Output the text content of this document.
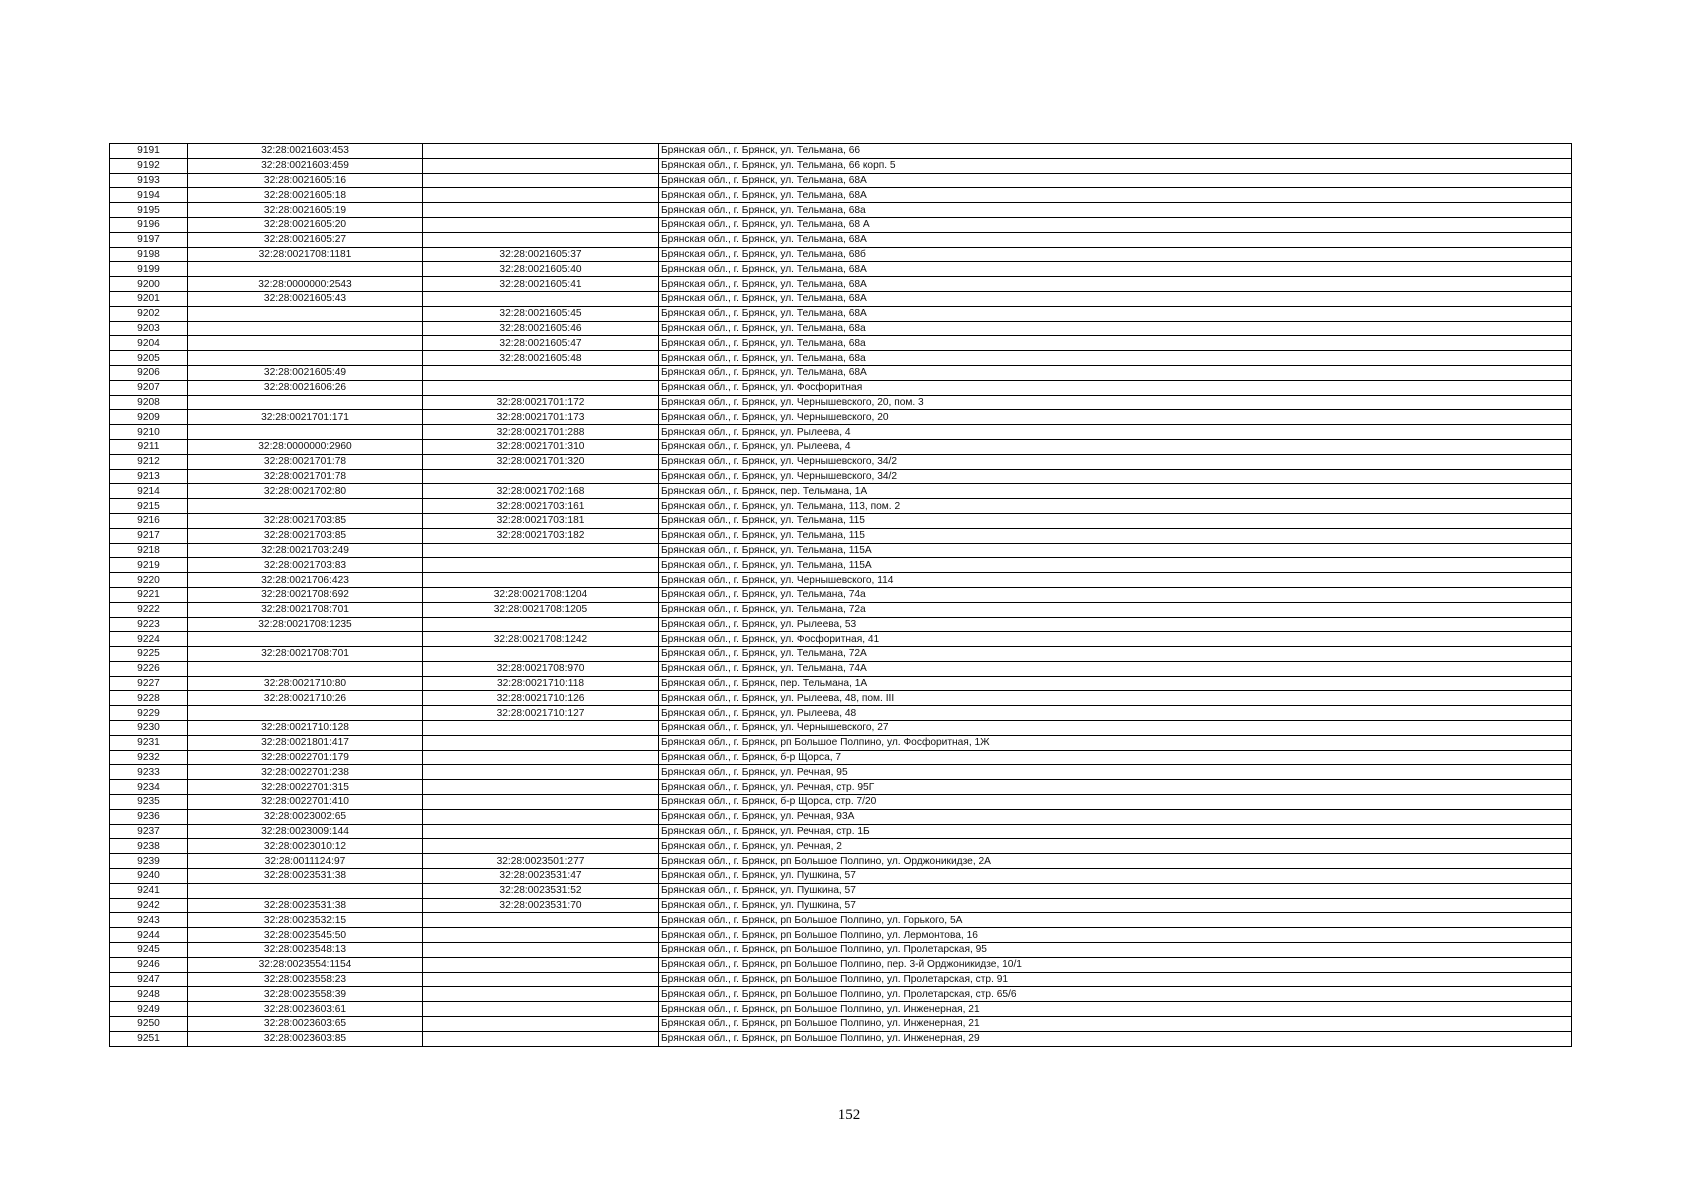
9191	32:28:0021603:453		Брянская обл., г. Брянск, ул. Тельмана, 66
9192	32:28:0021603:459		Брянская обл., г. Брянск, ул. Тельмана, 66 корп. 5
9193	32:28:0021605:16		Брянская обл., г. Брянск, ул. Тельмана, 68А
9194	32:28:0021605:18		Брянская обл., г. Брянск, ул. Тельмана, 68А
9195	32:28:0021605:19		Брянская обл., г. Брянск, ул. Тельмана, 68а
9196	32:28:0021605:20		Брянская обл., г. Брянск, ул. Тельмана, 68 А
9197	32:28:0021605:27		Брянская обл., г. Брянск, ул. Тельмана, 68А
9198	32:28:0021708:1181	32:28:0021605:37	Брянская обл., г. Брянск, ул. Тельмана, 68б
9199		32:28:0021605:40	Брянская обл., г. Брянск, ул. Тельмана, 68А
9200	32:28:0000000:2543	32:28:0021605:41	Брянская обл., г. Брянск, ул. Тельмана, 68А
9201	32:28:0021605:43		Брянская обл., г. Брянск, ул. Тельмана, 68А
9202		32:28:0021605:45	Брянская обл., г. Брянск, ул. Тельмана, 68А
9203		32:28:0021605:46	Брянская обл., г. Брянск, ул. Тельмана, 68а
9204		32:28:0021605:47	Брянская обл., г. Брянск, ул. Тельмана, 68а
9205		32:28:0021605:48	Брянская обл., г. Брянск, ул. Тельмана, 68а
9206	32:28:0021605:49		Брянская обл., г. Брянск, ул. Тельмана, 68А
9207	32:28:0021606:26		Брянская обл., г. Брянск, ул. Фосфоритная
9208		32:28:0021701:172	Брянская обл., г. Брянск, ул. Чернышевского, 20, пом. 3
9209	32:28:0021701:171	32:28:0021701:173	Брянская обл., г. Брянск, ул. Чернышевского, 20
9210		32:28:0021701:288	Брянская обл., г. Брянск, ул. Рылеева, 4
9211	32:28:0000000:2960	32:28:0021701:310	Брянская обл., г. Брянск, ул. Рылеева, 4
9212	32:28:0021701:78	32:28:0021701:320	Брянская обл., г. Брянск, ул. Чернышевского, 34/2
9213	32:28:0021701:78		Брянская обл., г. Брянск, ул. Чернышевского, 34/2
9214	32:28:0021702:80	32:28:0021702:168	Брянская обл., г. Брянск, пер. Тельмана, 1А
9215		32:28:0021703:161	Брянская обл., г. Брянск, ул. Тельмана, 113, пом. 2
9216	32:28:0021703:85	32:28:0021703:181	Брянская обл., г. Брянск, ул. Тельмана, 115
9217	32:28:0021703:85	32:28:0021703:182	Брянская обл., г. Брянск, ул. Тельмана, 115
9218	32:28:0021703:249		Брянская обл., г. Брянск, ул. Тельмана, 115А
9219	32:28:0021703:83		Брянская обл., г. Брянск, ул. Тельмана, 115А
9220	32:28:0021706:423		Брянская обл., г. Брянск, ул. Чернышевского, 114
9221	32:28:0021708:692	32:28:0021708:1204	Брянская обл., г. Брянск, ул. Тельмана, 74а
9222	32:28:0021708:701	32:28:0021708:1205	Брянская обл., г. Брянск, ул. Тельмана, 72а
9223	32:28:0021708:1235		Брянская обл., г. Брянск, ул. Рылеева, 53
9224		32:28:0021708:1242	Брянская обл., г. Брянск, ул. Фосфоритная, 41
9225	32:28:0021708:701		Брянская обл., г. Брянск, ул. Тельмана, 72А
9226		32:28:0021708:970	Брянская обл., г. Брянск, ул. Тельмана, 74А
9227	32:28:0021710:80	32:28:0021710:118	Брянская обл., г. Брянск, пер. Тельмана, 1А
9228	32:28:0021710:26	32:28:0021710:126	Брянская обл., г. Брянск, ул. Рылеева, 48, пом. III
9229		32:28:0021710:127	Брянская обл., г. Брянск, ул. Рылеева, 48
9230	32:28:0021710:128		Брянская обл., г. Брянск, ул. Чернышевского, 27
9231	32:28:0021801:417		Брянская обл., г. Брянск, рп Большое Полпино, ул. Фосфоритная, 1Ж
9232	32:28:0022701:179		Брянская обл., г. Брянск, б-р Щорса, 7
9233	32:28:0022701:238		Брянская обл., г. Брянск, ул. Речная, 95
9234	32:28:0022701:315		Брянская обл., г. Брянск, ул. Речная, стр. 95Г
9235	32:28:0022701:410		Брянская обл., г. Брянск, б-р Щорса, стр. 7/20
9236	32:28:0023002:65		Брянская обл., г. Брянск, ул. Речная, 93А
9237	32:28:0023009:144		Брянская обл., г. Брянск, ул. Речная, стр. 1Б
9238	32:28:0023010:12		Брянская обл., г. Брянск, ул. Речная, 2
9239	32:28:0011124:97	32:28:0023501:277	Брянская обл., г. Брянск, рп Большое Полпино, ул. Орджоникидзе, 2А
9240	32:28:0023531:38	32:28:0023531:47	Брянская обл., г. Брянск, ул. Пушкина, 57
9241		32:28:0023531:52	Брянская обл., г. Брянск, ул. Пушкина, 57
9242	32:28:0023531:38	32:28:0023531:70	Брянская обл., г. Брянск, ул. Пушкина, 57
9243	32:28:0023532:15		Брянская обл., г. Брянск, рп Большое Полпино, ул. Горького, 5А
9244	32:28:0023545:50		Брянская обл., г. Брянск, рп Большое Полпино, ул. Лермонтова, 16
9245	32:28:0023548:13		Брянская обл., г. Брянск, рп Большое Полпино, ул. Пролетарская, 95
9246	32:28:0023554:1154		Брянская обл., г. Брянск, рп Большое Полпино, пер. 3-й Орджоникидзе, 10/1
9247	32:28:0023558:23		Брянская обл., г. Брянск, рп Большое Полпино, ул. Пролетарская, стр. 91
9248	32:28:0023558:39		Брянская обл., г. Брянск, рп Большое Полпино, ул. Пролетарская, стр. 65/6
9249	32:28:0023603:61		Брянская обл., г. Брянск, рп Большое Полпино, ул. Инженерная, 21
9250	32:28:0023603:65		Брянская обл., г. Брянск, рп Большое Полпино, ул. Инженерная, 21
9251	32:28:0023603:85		Брянская обл., г. Брянск, рп Большое Полпино, ул. Инженерная, 29
152
